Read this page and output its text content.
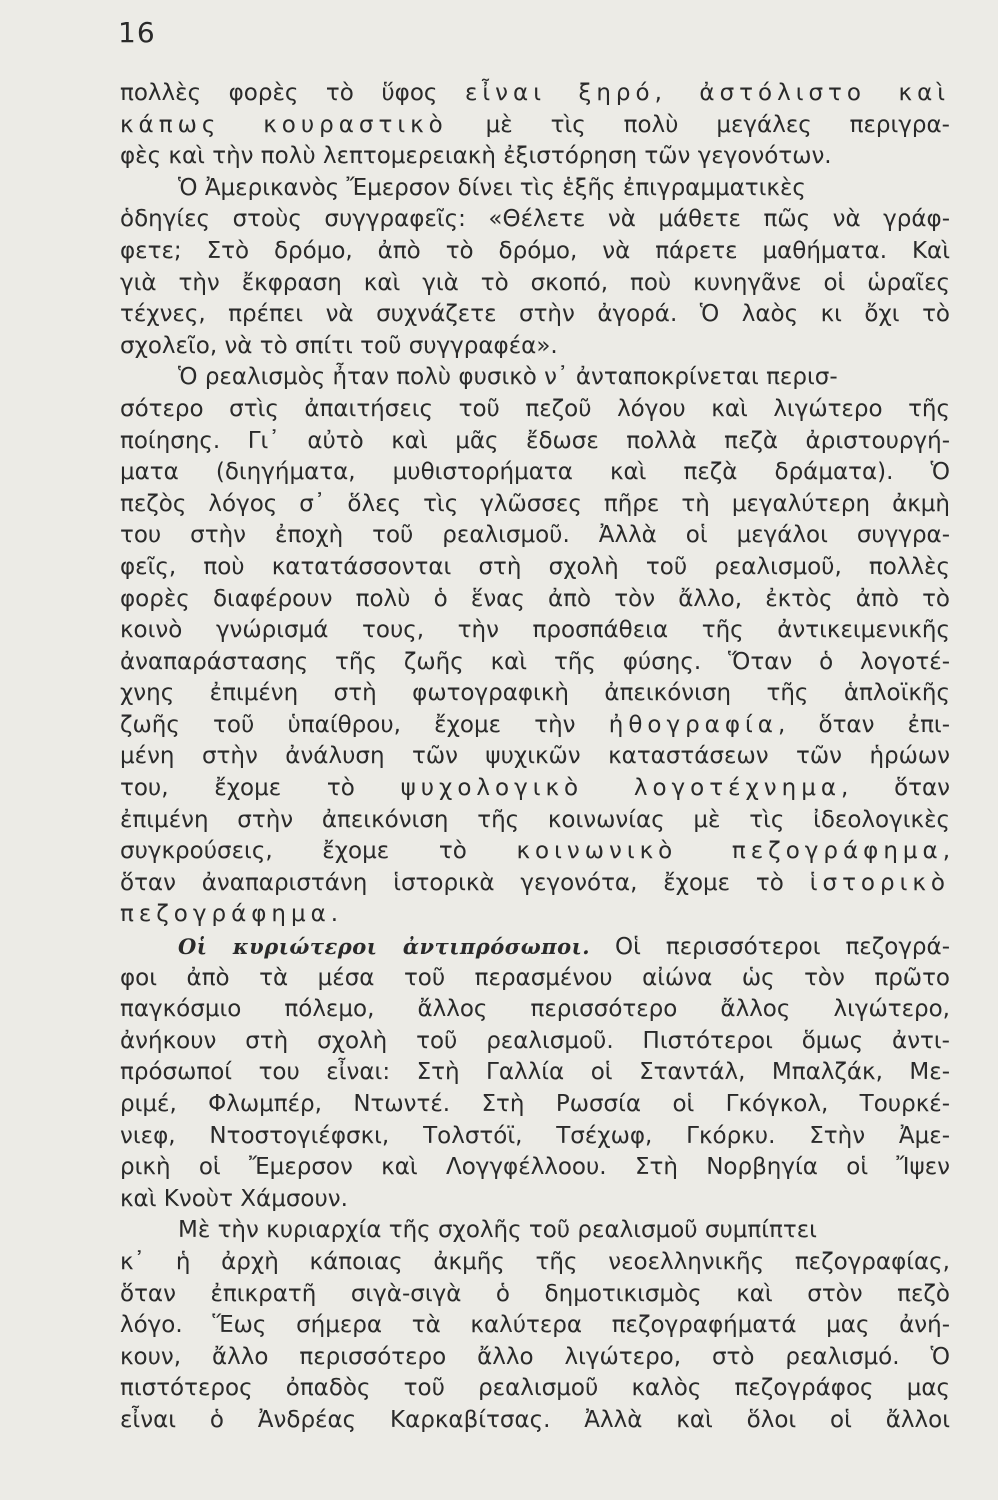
16
πολλὲς φορὲς τὸ ὕφος εἶναι ξηρό, ἀστόλιστο καὶ
κάπως κουραστικὸ μὲ τὶς πολὺ μεγάλες περιγρα-
φὲς καὶ τὴν πολὺ λεπτομερειακὴ ἐξιστόρηση τῶν γεγονότων.
Ὁ Ἀμερικανὸς Ἔμερσον δίνει τὶς ἑξῆς ἐπιγραμματικὲς
ὁδηγίες στοὺς συγγραφεῖς: «Θέλετε νὰ μάθετε πῶς νὰ γράφ-
φετε; Στὸ δρόμο, ἀπὸ τὸ δρόμο, νὰ πάρετε μαθήματα. Καὶ
γιὰ τὴν ἔκφραση καὶ γιὰ τὸ σκοπό, ποὺ κυνηγᾶνε οἱ ὡραῖες
τέχνες, πρέπει νὰ συχνάζετε στὴν ἀγορά. Ὁ λαὸς κι ὄχι τὸ
σχολεῖο, νὰ τὸ σπίτι τοῦ συγγραφέα».
Ὁ ρεαλισμὸς ἦταν πολὺ φυσικὸ ν᾿ ἀνταποκρίνεται περισ-
σότερο στὶς ἀπαιτήσεις τοῦ πεζοῦ λόγου καὶ λιγώτερο τῆς
ποίησης. Γι᾿ αὐτὸ καὶ μᾶς ἔδωσε πολλὰ πεζὰ ἀριστουργή-
ματα (διηγήματα, μυθιστορήματα καὶ πεζὰ δράματα). Ὁ
πεζὸς λόγος σ᾿ ὅλες τὶς γλῶσσες πῆρε τὴ μεγαλύτερη ἀκμὴ
του στὴν ἐποχὴ τοῦ ρεαλισμοῦ. Ἀλλὰ οἱ μεγάλοι συγγρα-
φεῖς, ποὺ κατατάσσονται στὴ σχολὴ τοῦ ρεαλισμοῦ, πολλὲς
φορὲς διαφέρουν πολὺ ὁ ἕνας ἀπὸ τὸν ἄλλο, ἐκτὸς ἀπὸ τὸ
κοινὸ γνώρισμά τους, τὴν προσπάθεια τῆς ἀντικειμενικῆς
ἀναπαράστασης τῆς ζωῆς καὶ τῆς φύσης. Ὅταν ὁ λογοτέ-
χνης ἐπιμένη στὴ φωτογραφικὴ ἀπεικόνιση τῆς ἁπλοϊκῆς
ζωῆς τοῦ ὑπαίθρου, ἔχομε τὴν ἠθογραφία, ὅταν ἐπι-
μένη στὴν ἀνάλυση τῶν ψυχικῶν καταστάσεων τῶν ἡρώων
του, ἔχομε τὸ ψυχολογικὸ λογοτέχνημα, ὅταν
ἐπιμένη στὴν ἀπεικόνιση τῆς κοινωνίας μὲ τὶς ἰδεολογικὲς
συγκρούσεις, ἔχομε τὸ κοινωνικὸ πεζογράφημα,
ὅταν ἀναπαριστάνη ἱστορικὰ γεγονότα, ἔχομε τὸ ἱστορικὸ
πεζογράφημα.
Οἱ κυριώτεροι ἀντιπρόσωποι. Οἱ περισσότεροι πεζογρά-
φοι ἀπὸ τὰ μέσα τοῦ περασμένου αἰώνα ὡς τὸν πρῶτο
παγκόσμιο πόλεμο, ἄλλος περισσότερο ἄλλος λιγώτερο,
ἀνήκουν στὴ σχολὴ τοῦ ρεαλισμοῦ. Πιστότεροι ὅμως ἀντι-
πρόσωποί του εἶναι: Στὴ Γαλλία οἱ Σταντάλ, Μπαλζάκ, Με-
ριμέ, Φλωμπέρ, Ντωντέ. Στὴ Ρωσσία οἱ Γκόγκολ, Τουρκέ-
νιεφ, Ντοστογιέφσκι, Τολστόϊ, Τσέχωφ, Γκόρκυ. Στὴν Ἀμε-
ρικὴ οἱ Ἔμερσον καὶ Λογγφέλλοου. Στὴ Νορβηγία οἱ Ἴψεν
καὶ Κνοὺτ Χάμσουν.
Μὲ τὴν κυριαρχία τῆς σχολῆς τοῦ ρεαλισμοῦ συμπίπτει
κ᾿ ἡ ἀρχὴ κάποιας ἀκμῆς τῆς νεοελληνικῆς πεζογραφίας,
ὅταν ἐπικρατῆ σιγὰ-σιγὰ ὁ δημοτικισμὸς καὶ στὸν πεζὸ
λόγο. Ἕως σήμερα τὰ καλύτερα πεζογραφήματά μας ἀνή-
κουν, ἄλλο περισσότερο ἄλλο λιγώτερο, στὸ ρεαλισμό. Ὁ
πιστότερος ὀπαδὸς τοῦ ρεαλισμοῦ καλὸς πεζογράφος μας
εἶναι ὁ Ἀνδρέας Καρκαβίτσας. Ἀλλὰ καὶ ὅλοι οἱ ἄλλοι
